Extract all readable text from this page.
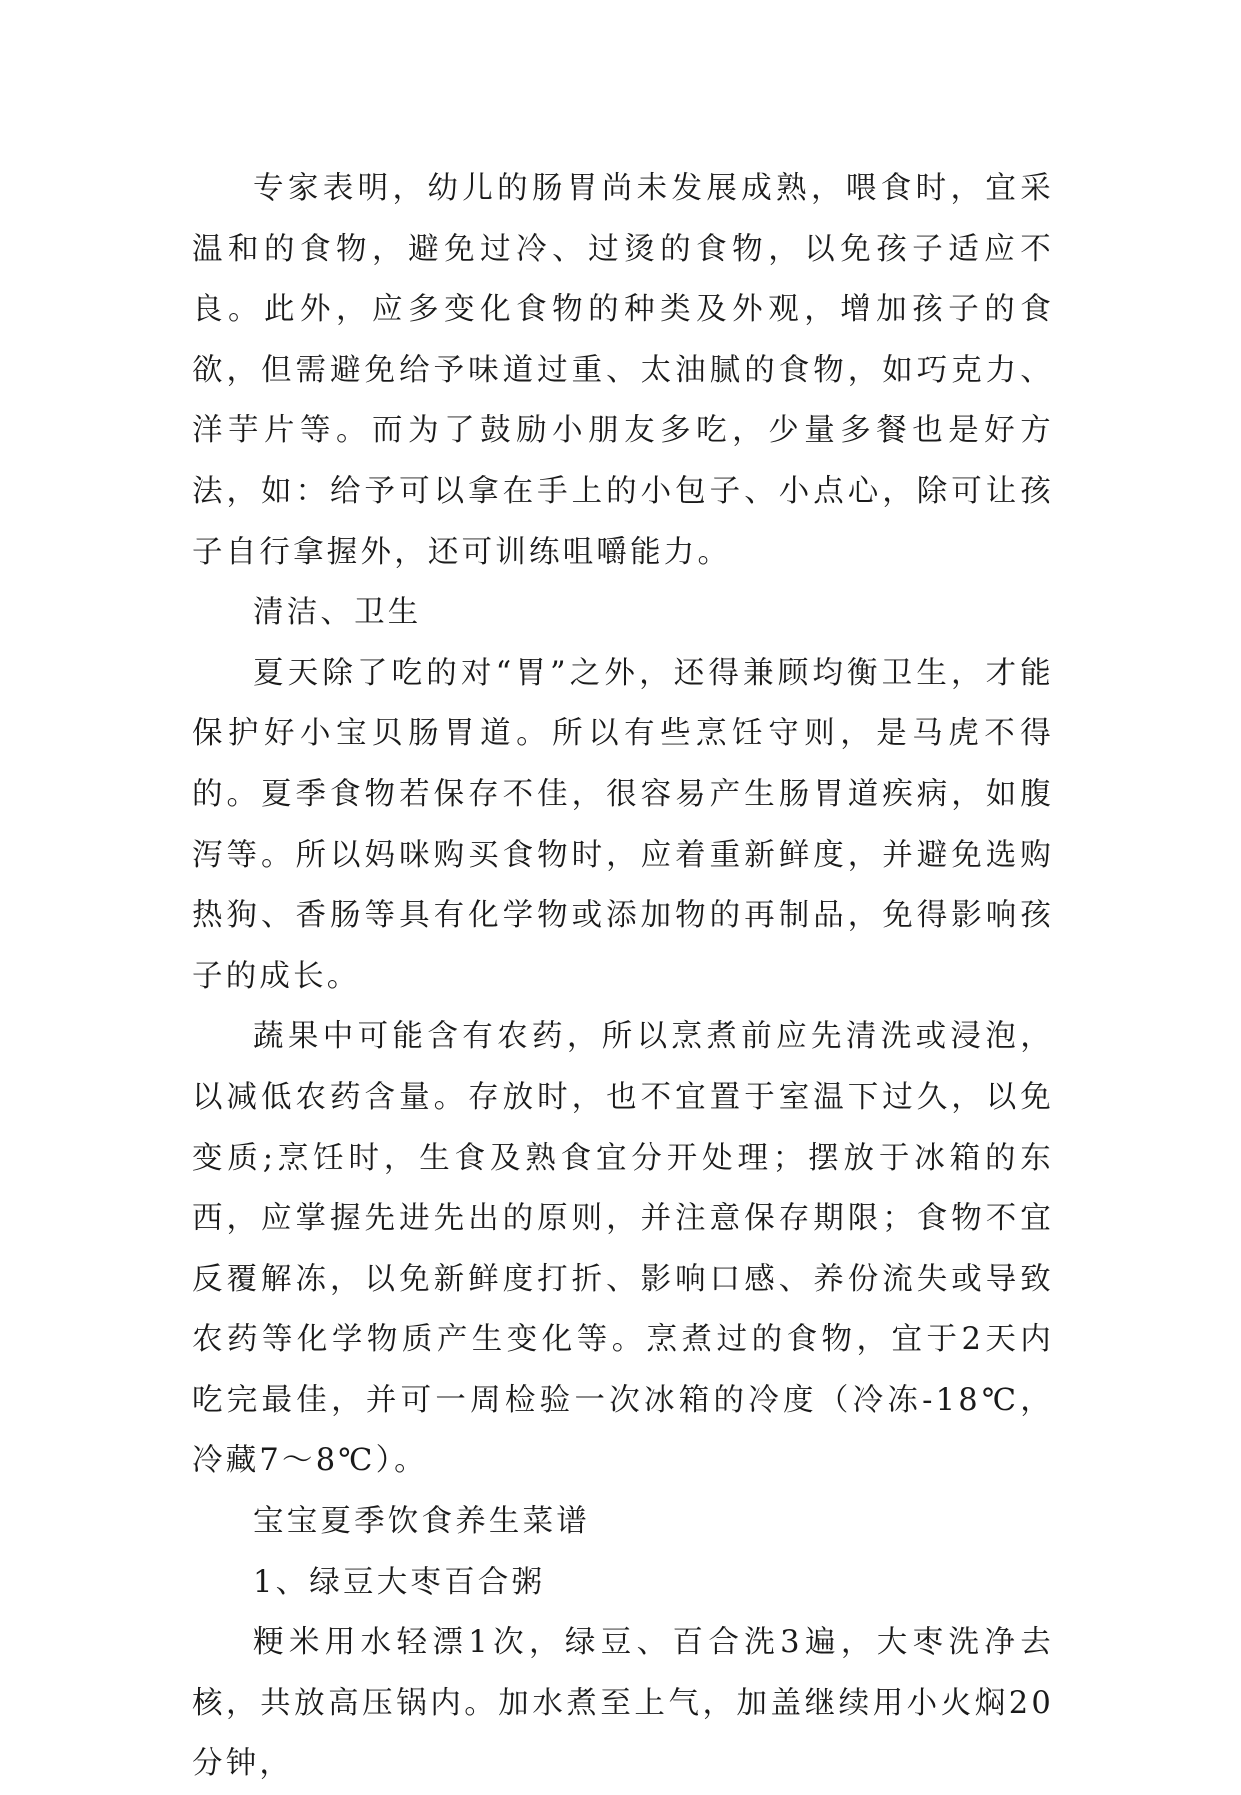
专家表明，幼儿的肠胃尚未发展成熟，喂食时，宜采温和的食物，避免过冷、过烫的食物，以免孩子适应不良。此外，应多变化食物的种类及外观，增加孩子的食欲，但需避免给予味道过重、太油腻的食物，如巧克力、洋芋片等。而为了鼓励小朋友多吃，少量多餐也是好方法，如：给予可以拿在手上的小包子、小点心，除可让孩子自行拿握外，还可训练咀嚼能力。

清洁、卫生

夏天除了吃的对“胃”之外，还得兼顾均衡卫生，才能保护好小宝贝肠胃道。所以有些烹饪守则，是马虎不得的。夏季食物若保存不佳，很容易产生肠胃道疾病，如腹泻等。所以妈咪购买食物时，应着重新鲜度，并避免选购热狗、香肠等具有化学物或添加物的再制品，免得影响孩子的成长。

蔬果中可能含有农药，所以烹煮前应先清洗或浸泡，以减低农药含量。存放时，也不宜置于室温下过久，以免变质;烹饪时，生食及熟食宜分开处理；摆放于冰箱的东西，应掌握先进先出的原则，并注意保存期限；食物不宜反覆解冻，以免新鲜度打折、影响口感、养份流失或导致农药等化学物质产生变化等。烹煮过的食物，宜于2天内吃完最佳，并可一周检验一次冰箱的冷度（冷冻-18℃，冷藏7～8℃）。

宝宝夏季饮食养生菜谱

1、绿豆大枣百合粥

粳米用水轻漂1次，绿豆、百合洗3遍，大枣洗净去核，共放高压锅内。加水煮至上气，加盖继续用小火焖20分钟，
